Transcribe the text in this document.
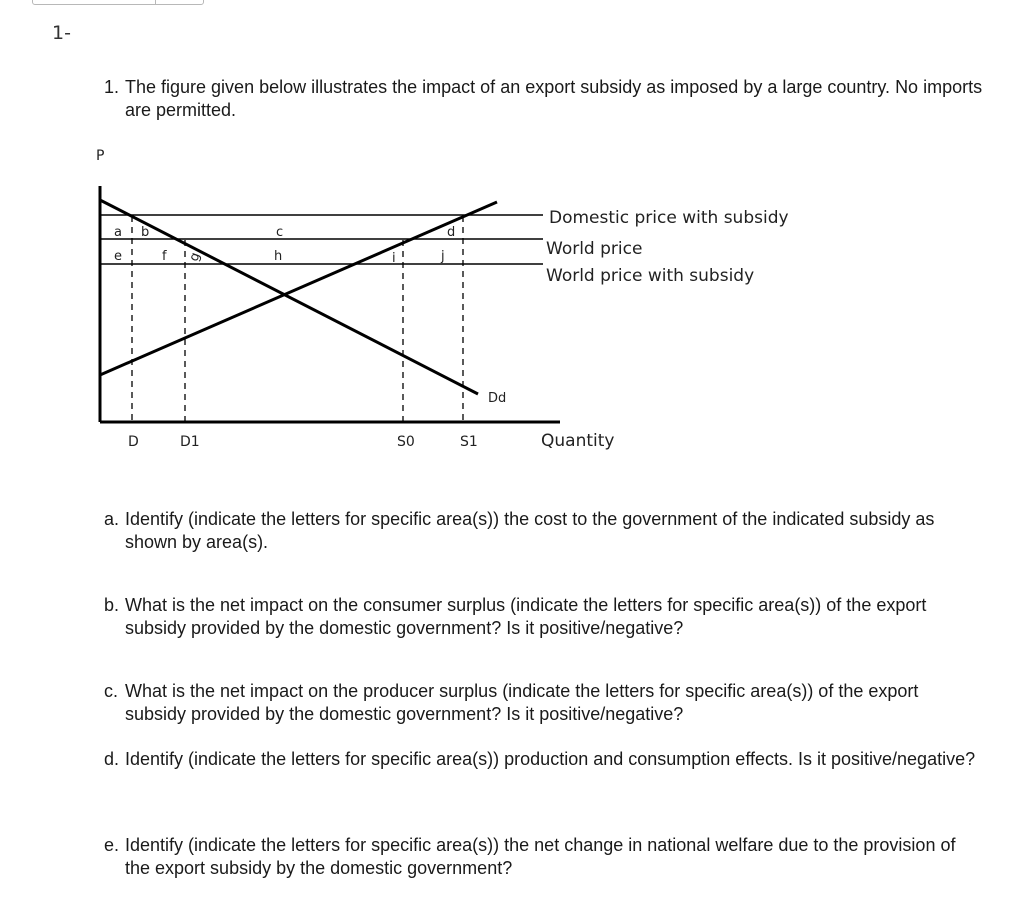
1-
1. The figure given below illustrates the impact of an export subsidy as imposed by a large country. No imports are permitted.
P
Quantity
Domestic price with subsidy
World price
World price with subsidy
Dd
D	D1	S0	S1
a b	c	d
e	f g	h	i	j
a. Identify (indicate the letters for specific area(s)) the cost to the government of the indicated subsidy as shown by area(s).
b. What is the net impact on the consumer surplus (indicate the letters for specific area(s)) of the export subsidy provided by the domestic government? Is it positive/negative?
c. What is the net impact on the producer surplus (indicate the letters for specific area(s)) of the export subsidy provided by the domestic government? Is it positive/negative?
d. Identify (indicate the letters for specific area(s)) production and consumption effects. Is it positive/negative?
e. Identify (indicate the letters for specific area(s)) the net change in national welfare due to the provision of the export subsidy by the domestic government?
